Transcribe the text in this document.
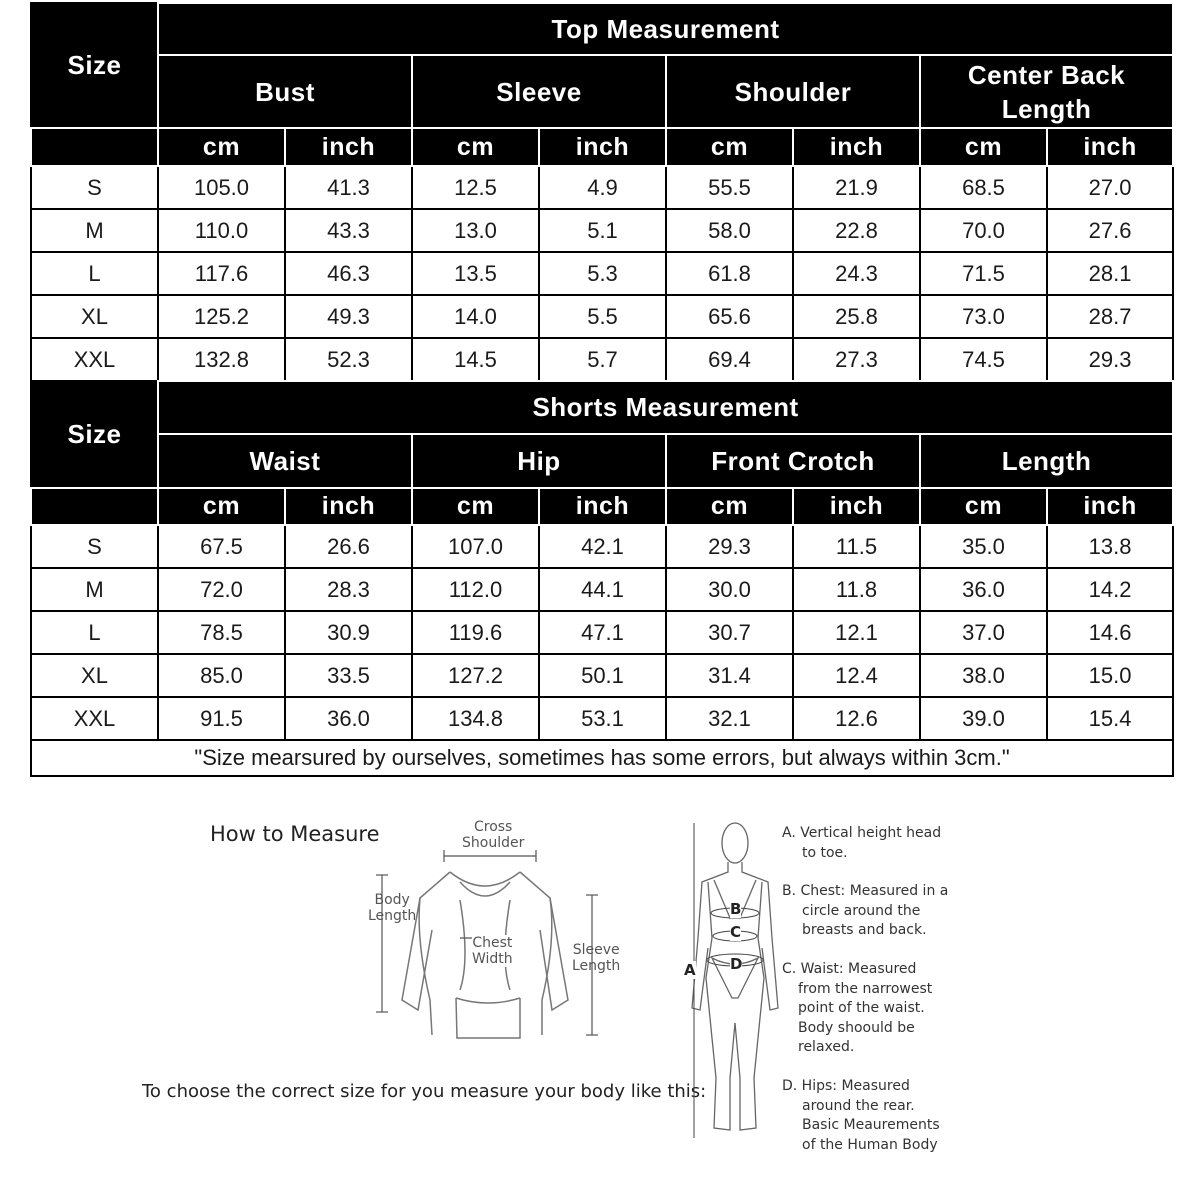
Size	Top Measurement							
	Bust		Sleeve		Shoulder		Center Back Length	
	cm	inch	cm	inch	cm	inch	cm	inch
S	105.0	41.3	12.5	4.9	55.5	21.9	68.5	27.0
M	110.0	43.3	13.0	5.1	58.0	22.8	70.0	27.6
L	117.6	46.3	13.5	5.3	61.8	24.3	71.5	28.1
XL	125.2	49.3	14.0	5.5	65.6	25.8	73.0	28.7
XXL	132.8	52.3	14.5	5.7	69.4	27.3	74.5	29.3
Size	Shorts Measurement							
	Waist		Hip		Front Crotch		Length	
	cm	inch	cm	inch	cm	inch	cm	inch
S	67.5	26.6	107.0	42.1	29.3	11.5	35.0	13.8
M	72.0	28.3	112.0	44.1	30.0	11.8	36.0	14.2
L	78.5	30.9	119.6	47.1	30.7	12.1	37.0	14.6
XL	85.0	33.5	127.2	50.1	31.4	12.4	38.0	15.0
XXL	91.5	36.0	134.8	53.1	32.1	12.6	39.0	15.4
"Size mearsured by ourselves, sometimes has some errors, but always within 3cm."								
How to Measure
To choose the correct size for you measure your body like this:
Cross
Shoulder
Body
Length
Chest
Width
Sleeve
Length	A
B
C
D
A. Vertical height head
to toe.
B. Chest: Measured in a
circle around the
breasts and back.
C. Waist: Measured
from the narrowest
point of the waist.
Body shoould be
relaxed.
D. Hips: Measured
around the rear.
Basic Meaurements
of the Human Body
